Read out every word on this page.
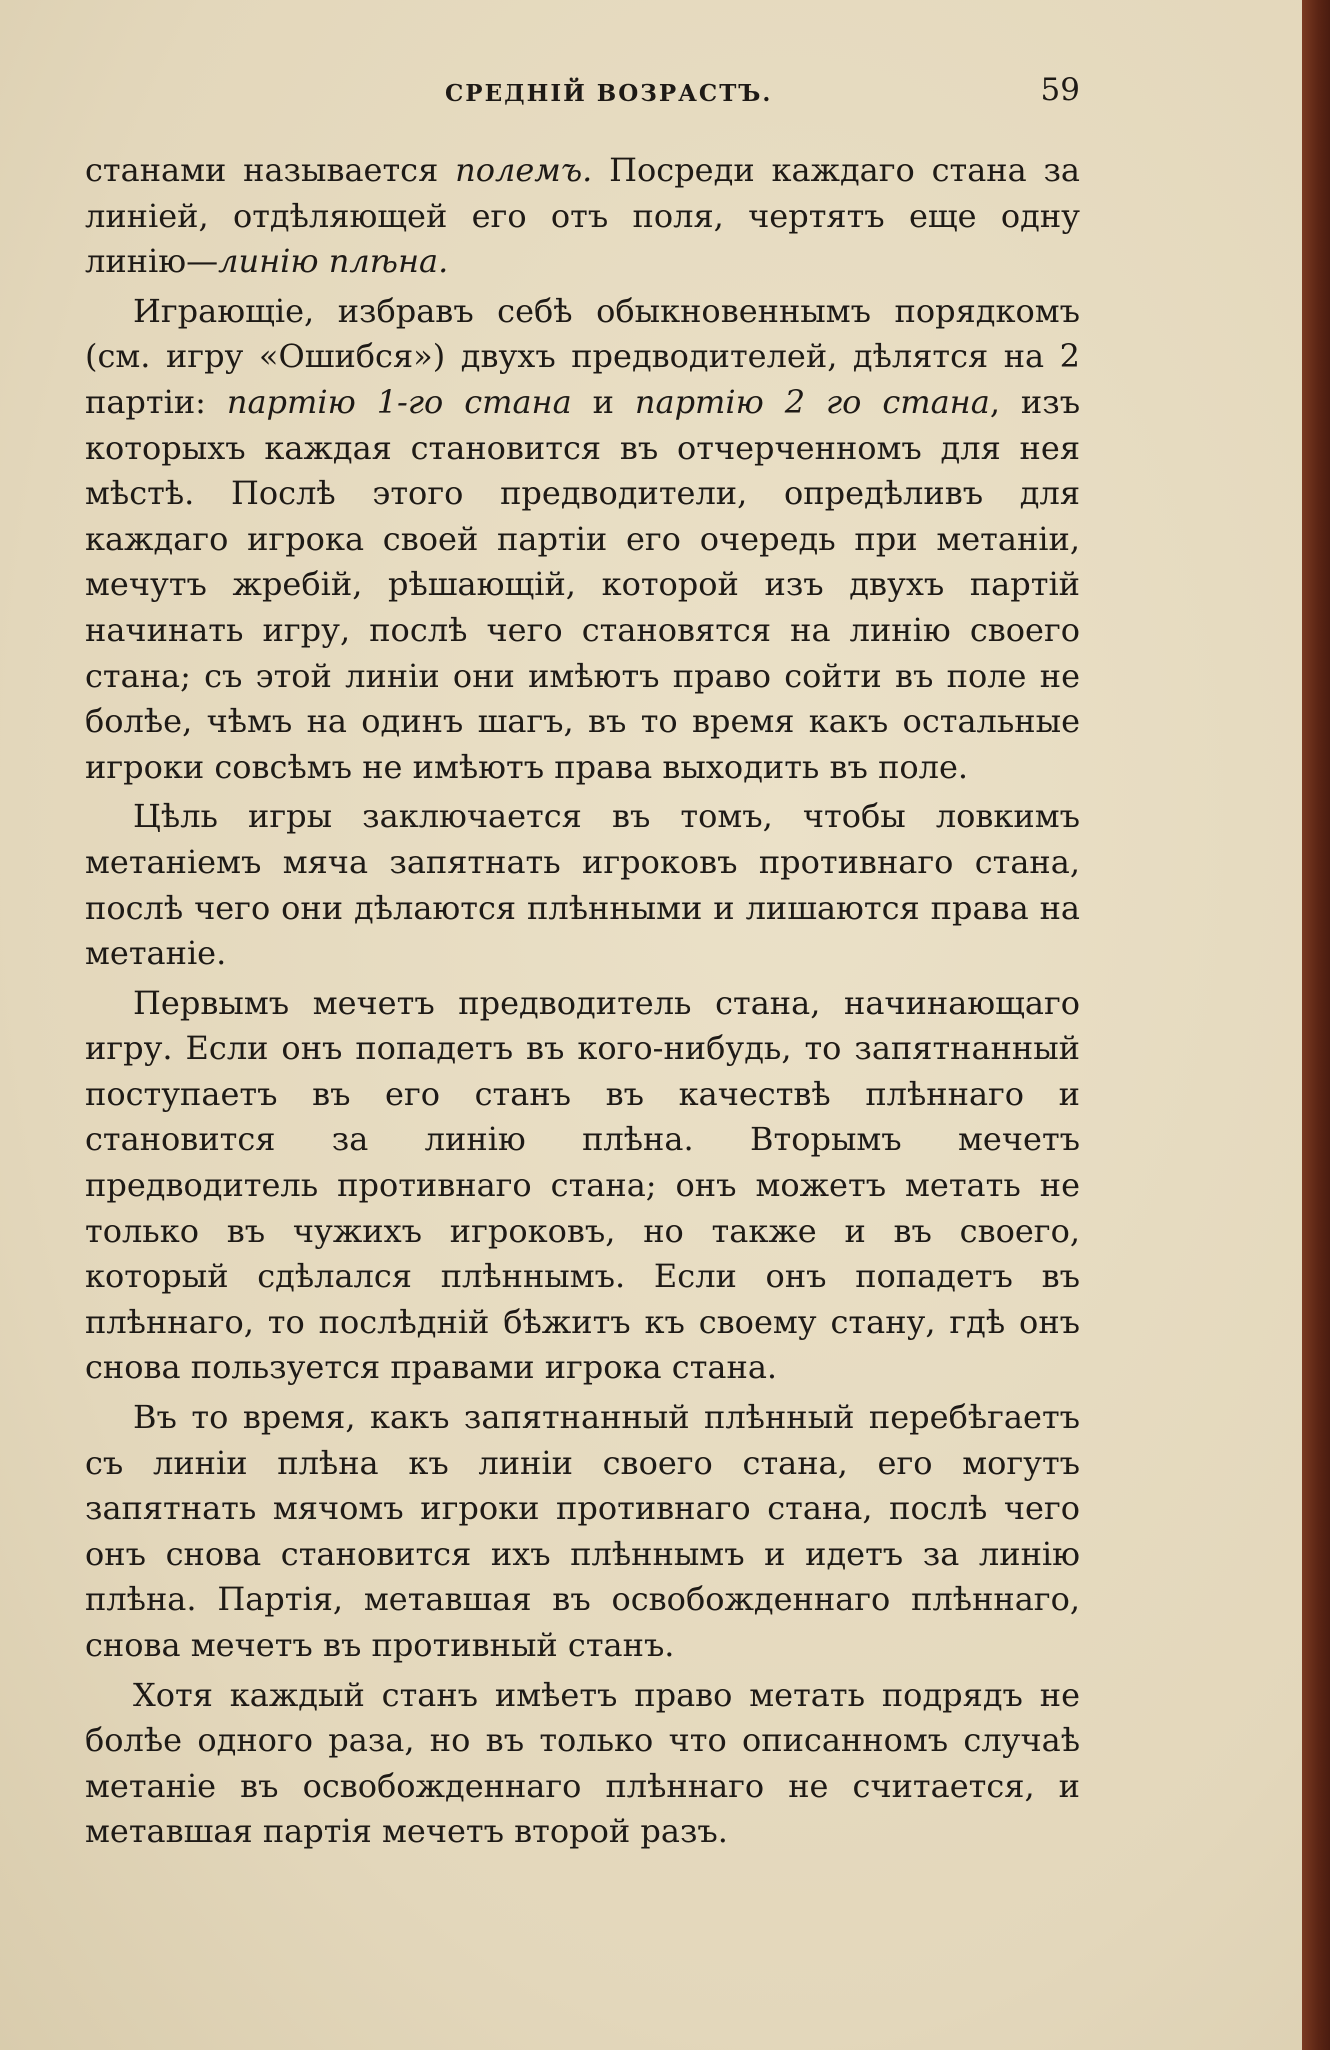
СРЕДНІЙ ВОЗРАСТЪ.	59

станами называется полемъ. Посреди каждаго стана за линіей, отдѣляющей его отъ поля, чертятъ еще одну линію—линію плѣна.

Играющіе, избравъ себѣ обыкновеннымъ порядкомъ (см. игру «Ошибся») двухъ предводителей, дѣлятся на 2 партіи: партію 1-го стана и партію 2 го стана, изъ которыхъ каждая становится въ отчерченномъ для нея мѣстѣ. Послѣ этого предводители, опредѣливъ для каждаго игрока своей партіи его очередь при метаніи, мечутъ жребій, рѣшающій, которой изъ двухъ партій начинать игру, послѣ чего становятся на линію своего стана; съ этой линіи они имѣютъ право сойти въ поле не болѣе, чѣмъ на одинъ шагъ, въ то время какъ остальные игроки совсѣмъ не имѣютъ права выходить въ поле.

Цѣль игры заключается въ томъ, чтобы ловкимъ метаніемъ мяча запятнать игроковъ противнаго стана, послѣ чего они дѣлаются плѣнными и лишаются права на метаніе.

Первымъ мечетъ предводитель стана, начинающаго игру. Если онъ попадетъ въ кого-нибудь, то запятнанный поступаетъ въ его станъ въ качествѣ плѣннаго и становится за линію плѣна. Вторымъ мечетъ предводитель противнаго стана; онъ можетъ метать не только въ чужихъ игроковъ, но также и въ своего, который сдѣлался плѣннымъ. Если онъ попадетъ въ плѣннаго, то послѣдній бѣжитъ къ своему стану, гдѣ онъ снова пользуется правами игрока стана.

Въ то время, какъ запятнанный плѣнный перебѣгаетъ съ линіи плѣна къ линіи своего стана, его могутъ запятнать мячомъ игроки противнаго стана, послѣ чего онъ снова становится ихъ плѣннымъ и идетъ за линію плѣна. Партія, метавшая въ освобожденнаго плѣннаго, снова мечетъ въ противный станъ.

Хотя каждый станъ имѣетъ право метать подрядъ не болѣе одного раза, но въ только что описанномъ случаѣ метаніе въ освобожденнаго плѣннаго не считается, и метавшая партія мечетъ второй разъ.
